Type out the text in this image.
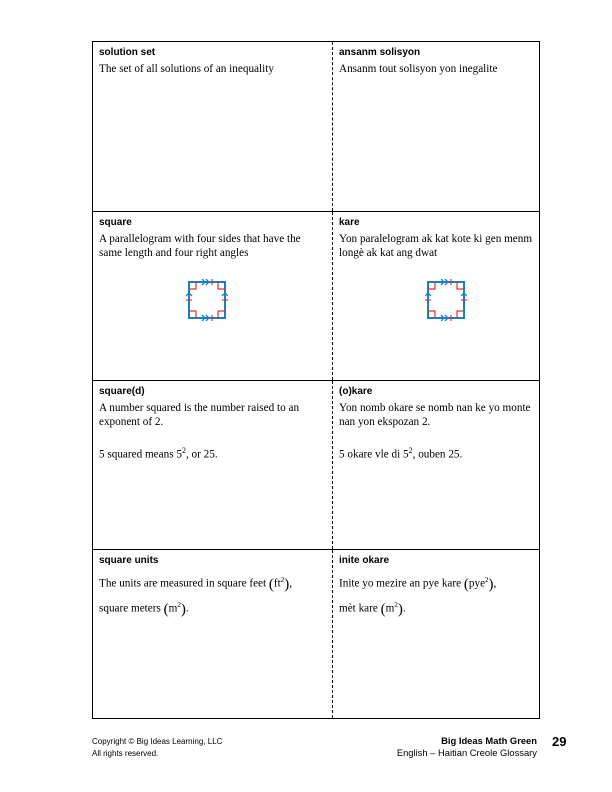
solution set

The set of all solutions of an inequality

ansanm solisyon

Ansanm tout solisyon yon inegalite

square

A parallelogram with four sides that have the same length and four right angles

kare

Yon paralelogram ak kat kote ki gen menm longè ak kat ang dwat

square(d)

A number squared is the number raised to an exponent of 2.

5 squared means $5^2$, or 25.

(o)kare

Yon nomb okare se nomb nan ke yo monte nan yon ekspozan 2.

5 okare vle di $5^2$, ouben 25.

square units

The units are measured in square feet $(ft^2)$,

square meters $(m^2)$.

inite okare

Inite yo mezire an pye kare (pye$^2$),

mèt kare $(m^2)$.

Copyright © Big Ideas Learning, LLC
All rights reserved.
Big Ideas Math Green
English – Haitian Creole Glossary
29
